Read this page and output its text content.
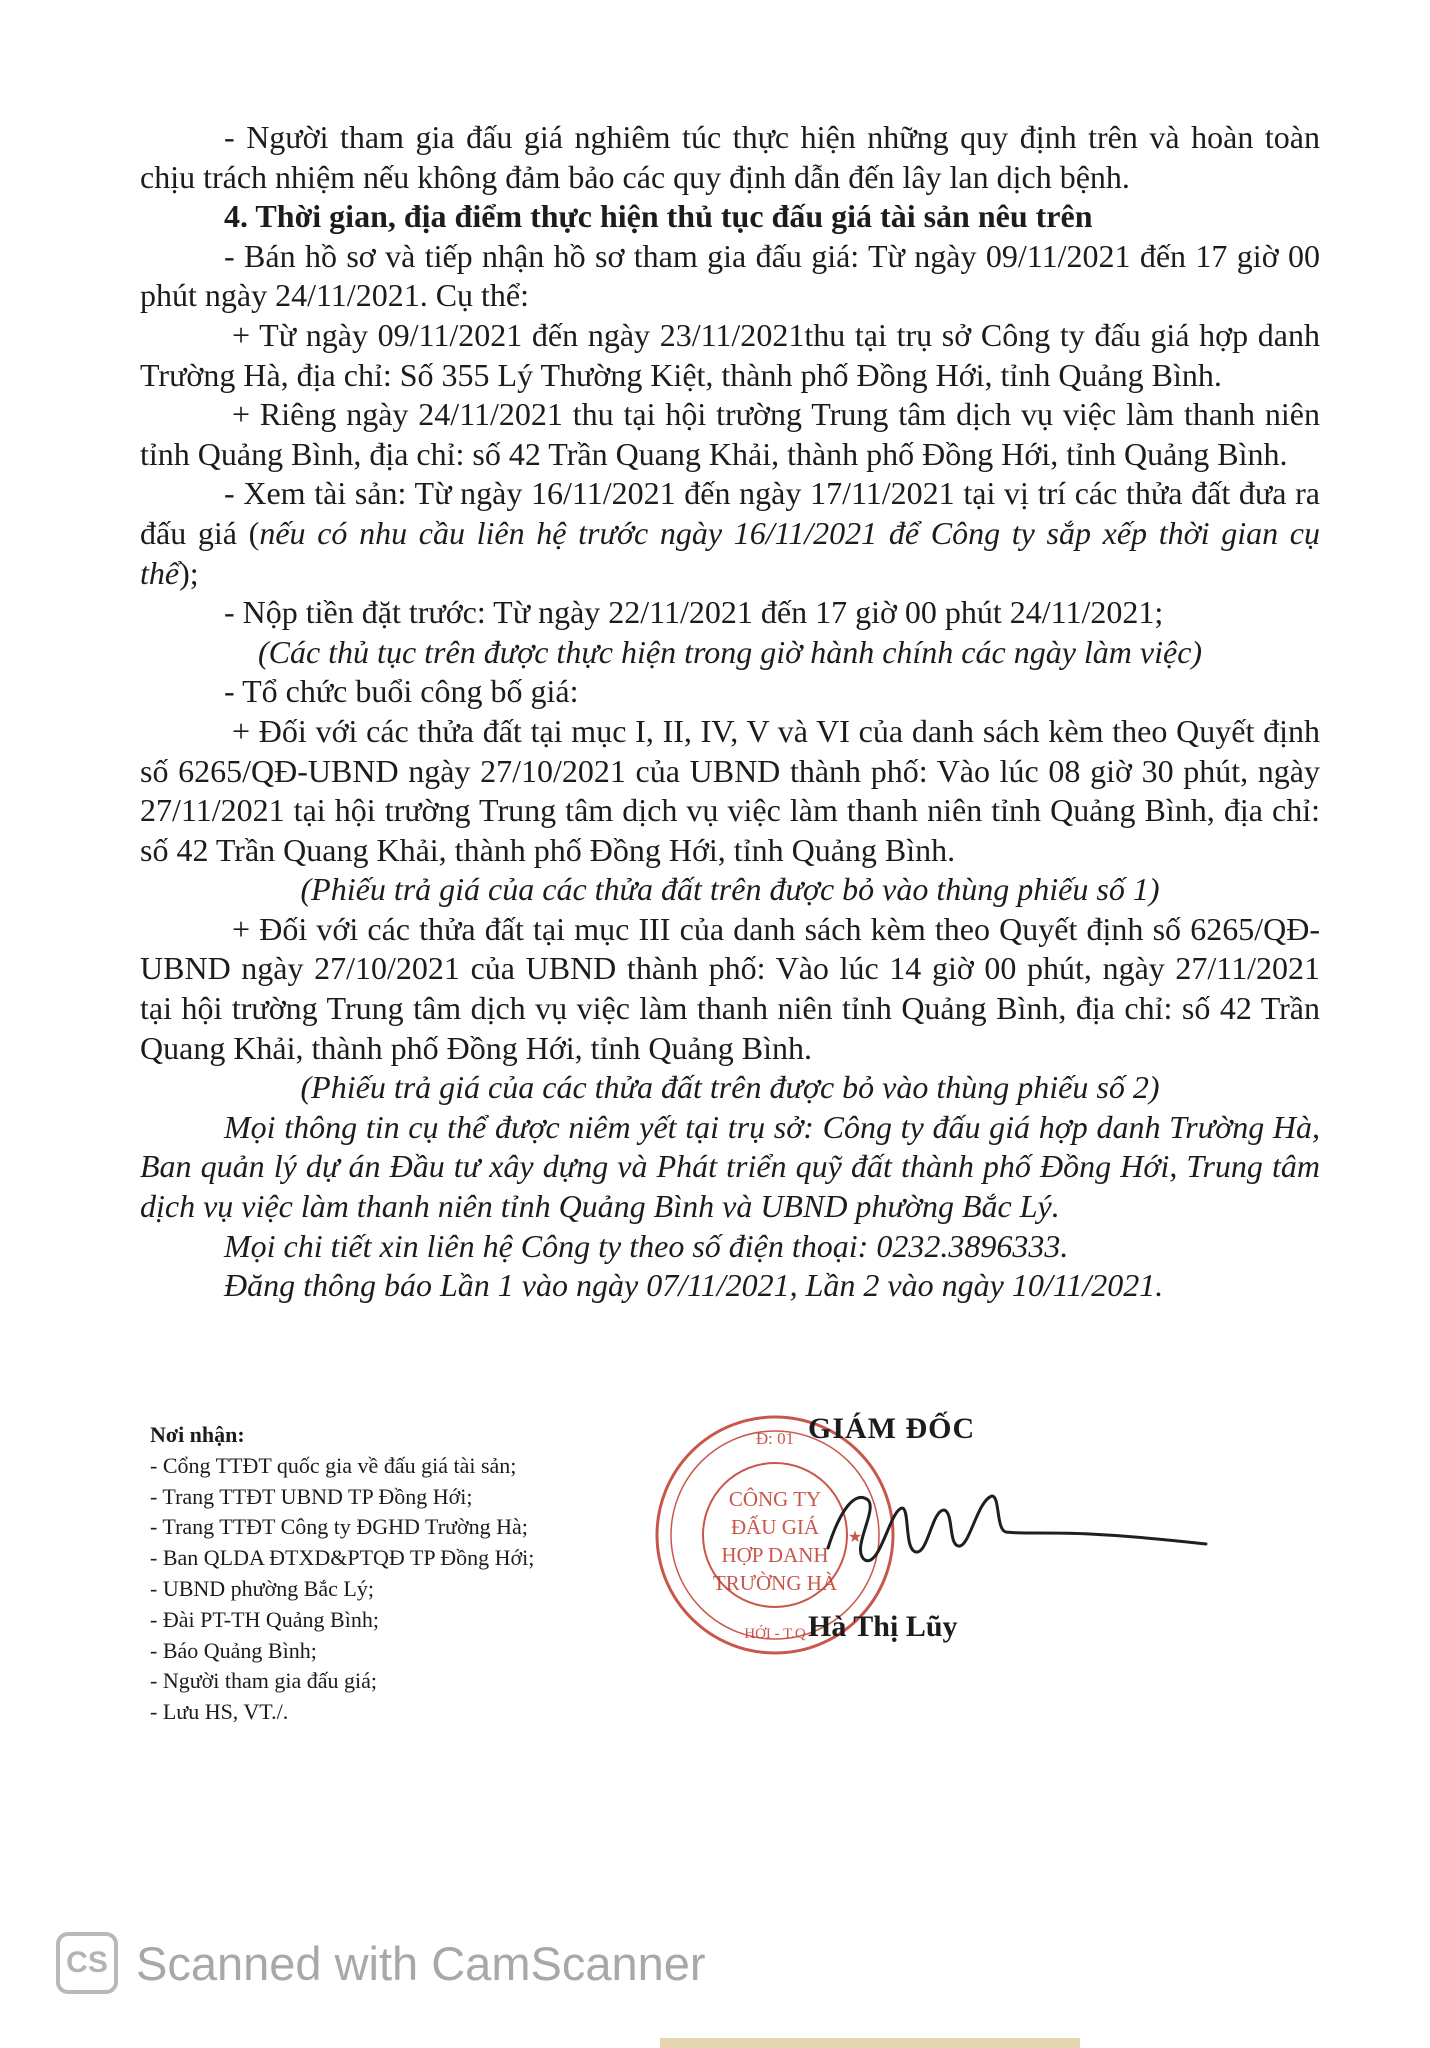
- Người tham gia đấu giá nghiêm túc thực hiện những quy định trên và hoàn toàn chịu trách nhiệm nếu không đảm bảo các quy định dẫn đến lây lan dịch bệnh.

4. Thời gian, địa điểm thực hiện thủ tục đấu giá tài sản nêu trên

- Bán hồ sơ và tiếp nhận hồ sơ tham gia đấu giá: Từ ngày 09/11/2021 đến 17 giờ 00 phút ngày 24/11/2021. Cụ thể:

+ Từ ngày 09/11/2021 đến ngày 23/11/2021thu tại trụ sở Công ty đấu giá hợp danh Trường Hà, địa chỉ: Số 355 Lý Thường Kiệt, thành phố Đồng Hới, tỉnh Quảng Bình.

+ Riêng ngày 24/11/2021 thu tại hội trường Trung tâm dịch vụ việc làm thanh niên tỉnh Quảng Bình, địa chỉ: số 42 Trần Quang Khải, thành phố Đồng Hới, tỉnh Quảng Bình.

- Xem tài sản: Từ ngày 16/11/2021 đến ngày 17/11/2021 tại vị trí các thửa đất đưa ra đấu giá (nếu có nhu cầu liên hệ trước ngày 16/11/2021 để Công ty sắp xếp thời gian cụ thể);

- Nộp tiền đặt trước: Từ ngày 22/11/2021 đến 17 giờ 00 phút 24/11/2021;

(Các thủ tục trên được thực hiện trong giờ hành chính các ngày làm việc)

- Tổ chức buổi công bố giá:

+ Đối với các thửa đất tại mục I, II, IV, V và VI của danh sách kèm theo Quyết định số 6265/QĐ-UBND ngày 27/10/2021 của UBND thành phố: Vào lúc 08 giờ 30 phút, ngày 27/11/2021 tại hội trường Trung tâm dịch vụ việc làm thanh niên tỉnh Quảng Bình, địa chỉ: số 42 Trần Quang Khải, thành phố Đồng Hới, tỉnh Quảng Bình.

(Phiếu trả giá của các thửa đất trên được bỏ vào thùng phiếu số 1)

+ Đối với các thửa đất tại mục III của danh sách kèm theo Quyết định số 6265/QĐ-UBND ngày 27/10/2021 của UBND thành phố: Vào lúc 14 giờ 00 phút, ngày 27/11/2021 tại hội trường Trung tâm dịch vụ việc làm thanh niên tỉnh Quảng Bình, địa chỉ: số 42 Trần Quang Khải, thành phố Đồng Hới, tỉnh Quảng Bình.

(Phiếu trả giá của các thửa đất trên được bỏ vào thùng phiếu số 2)

Mọi thông tin cụ thể được niêm yết tại trụ sở: Công ty đấu giá hợp danh Trường Hà, Ban quản lý dự án Đầu tư xây dựng và Phát triển quỹ đất thành phố Đồng Hới, Trung tâm dịch vụ việc làm thanh niên tỉnh Quảng Bình và UBND phường Bắc Lý.

Mọi chi tiết xin liên hệ Công ty theo số điện thoại: 0232.3896333.

Đăng thông báo Lần 1 vào ngày 07/11/2021, Lần 2 vào ngày 10/11/2021.

Nơi nhận:
- Cổng TTĐT quốc gia về đấu giá tài sản;
- Trang TTĐT UBND TP Đồng Hới;
- Trang TTĐT Công ty ĐGHD Trường Hà;
- Ban QLDA ĐTXD&PTQĐ TP Đồng Hới;
- UBND phường Bắc Lý;
- Đài PT-TH Quảng Bình;
- Báo Quảng Bình;
- Người tham gia đấu giá;
- Lưu HS, VT./.
Đ: 01
HỚI - T.Q
CÔNG TY
ĐẤU GIÁ
HỢP DANH
TRƯỜNG HÀ
★
GIÁM ĐỐC
Hà Thị Lũy
CS Scanned with CamScanner
